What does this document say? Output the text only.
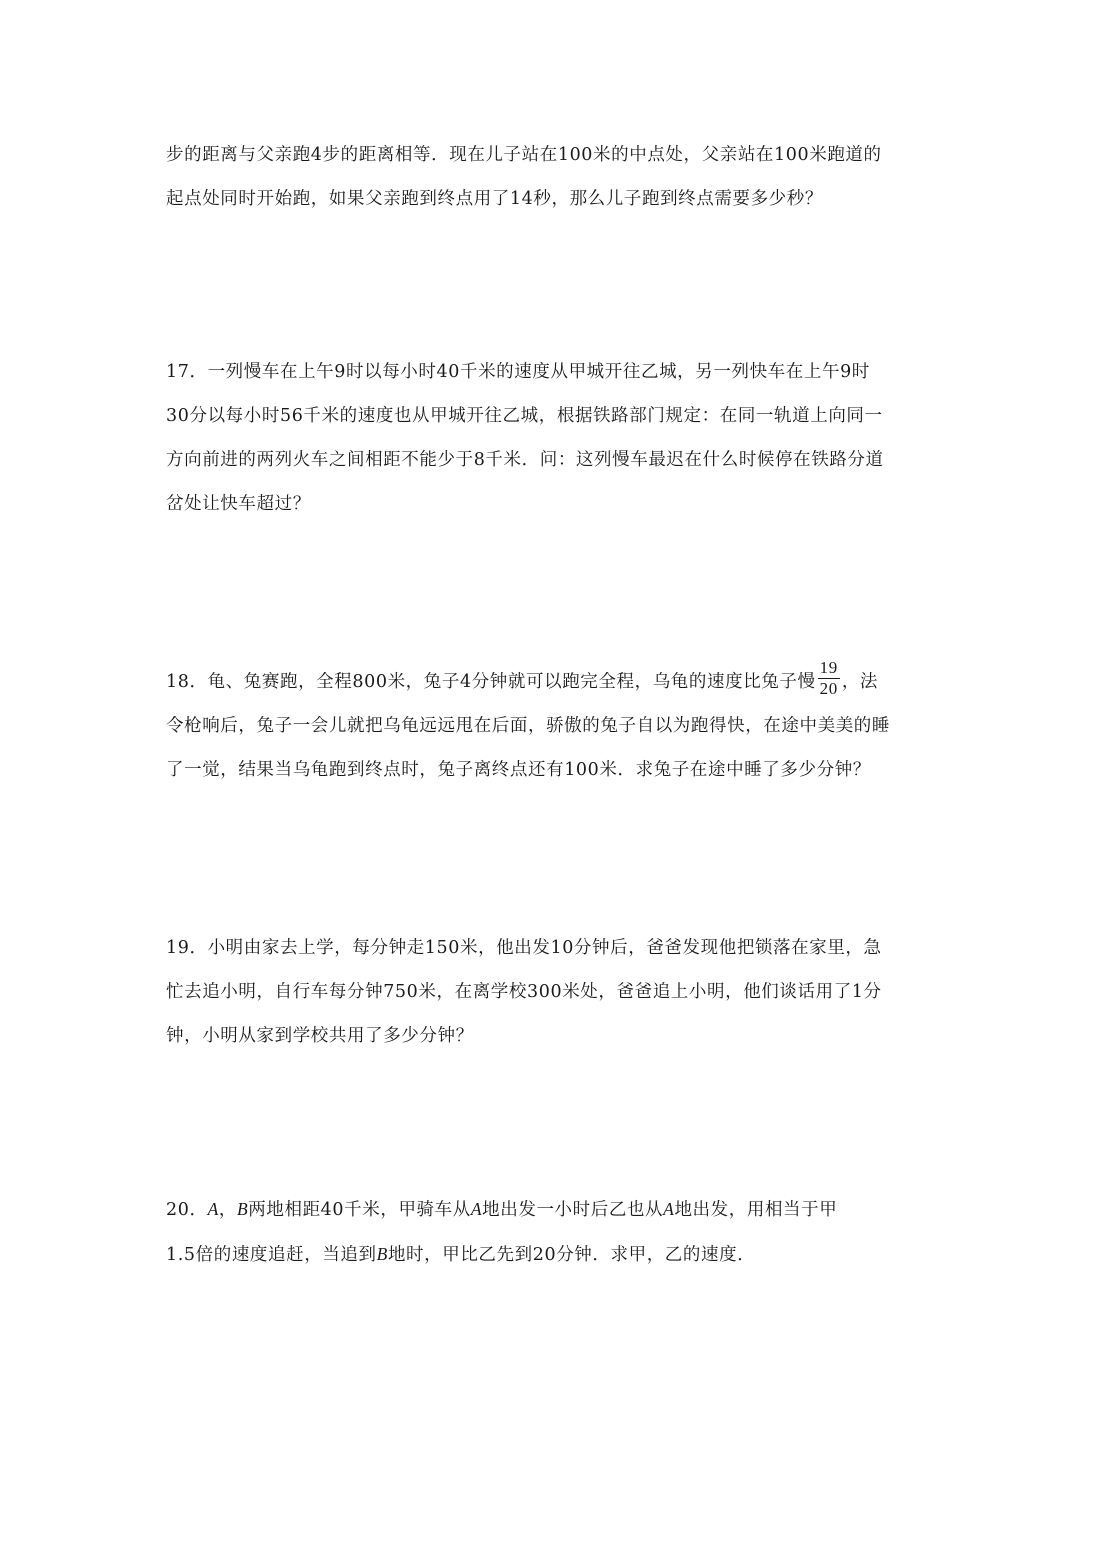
步的距离与父亲跑4步的距离相等．现在儿子站在100米的中点处，父亲站在100米跑道的
起点处同时开始跑，如果父亲跑到终点用了14秒，那么儿子跑到终点需要多少秒？
17．一列慢车在上午9时以每小时40千米的速度从甲城开往乙城，另一列快车在上午9时
30分以每小时56千米的速度也从甲城开往乙城，根据铁路部门规定：在同一轨道上向同一
方向前进的两列火车之间相距不能少于8千米．问：这列慢车最迟在什么时候停在铁路分道
岔处让快车超过？
18．龟、兔赛跑，全程800米，兔子4分钟就可以跑完全程，乌龟的速度比兔子慢 $\frac{19}{20}$ ，法
令枪响后，兔子一会儿就把乌龟远远甩在后面，骄傲的兔子自以为跑得快，在途中美美的睡
了一觉，结果当乌龟跑到终点时，兔子离终点还有100米．求兔子在途中睡了多少分钟？
19．小明由家去上学，每分钟走150米，他出发10分钟后，爸爸发现他把锁落在家里，急
忙去追小明，自行车每分钟750米，在离学校300米处，爸爸追上小明，他们谈话用了1分
钟，小明从家到学校共用了多少分钟？
20．A，B两地相距40千米，甲骑车从A地出发一小时后乙也从A地出发，用相当于甲
1.5倍的速度追赶，当追到B地时，甲比乙先到20分钟．求甲，乙的速度．
